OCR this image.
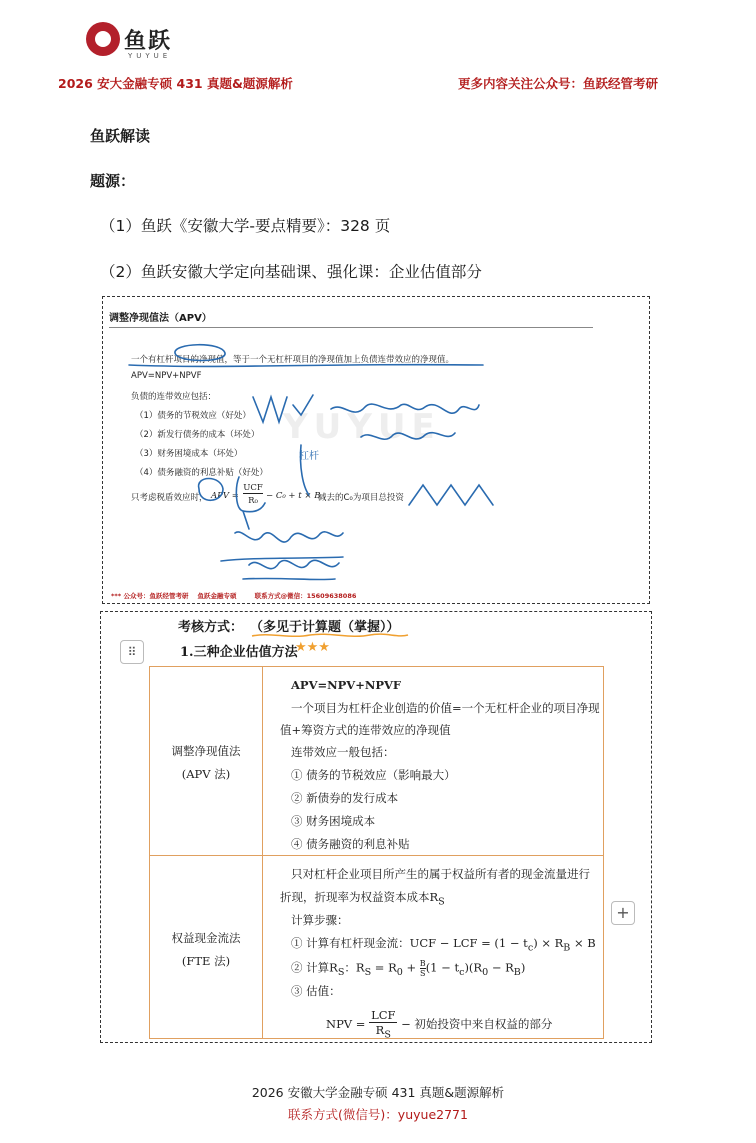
鱼跃
YUYUE
2026 安大金融专硕 431 真题&题源解析	更多内容关注公众号：鱼跃经管考研
鱼跃解读
题源：
（1）鱼跃《安徽大学-要点精要》：328 页
（2）鱼跃安徽大学定向基础课、强化课：企业估值部分
调整净现值法（APV）
YUYUE
一个有杠杆项目的净现值，等于一个无杠杆项目的净现值加上负债连带效应的净现值。
APV=NPV+NPVF
负债的连带效应包括：
（1）债务的节税效应（好处）
（2）新发行债务的成本（坏处）
（3）财务困境成本（坏处）
（4）债务融资的利息补贴（好处）
只考虑税盾效应时， APV =
UCF
R₀ − C₀ + t × B
减去的C₀为项目总投资
杠杆
*** 公众号：鱼跃经管考研    鱼跃金融专硕        联系方式@微信：15609638086
考核方式： （多见于计算题（掌握））
⠿	1.三种企业估值方法
★★★
+
调整净现值法
(APV 法)
APV=NPV+NPVF
一个项目为杠杆企业创造的价值=一个无杠杆企业的项目净现
值+筹资方式的连带效应的净现值
连带效应一般包括：
① 债务的节税效应（影响最大）
② 新债券的发行成本
③ 财务困境成本
④ 债务融资的利息补贴
权益现金流法
(FTE 法)
只对杠杆企业项目所产生的属于权益所有者的现金流量进行
折现，折现率为权益资本成本$R_S$
计算步骤：
① 计算有杠杆现金流：UCF − LCF = $(1 - t_c) \times R_B \times B$
② 计算$R_S$：$R_S = R_0 + \frac{B}{S} (1 - t_c)(R_0 - R_B)$
③ 估值：
NPV =
LCF
$R_S$
− 初始投资中来自权益的部分
2026 安徽大学金融专硕 431 真题&题源解析
联系方式(微信号)：yuyue2771
